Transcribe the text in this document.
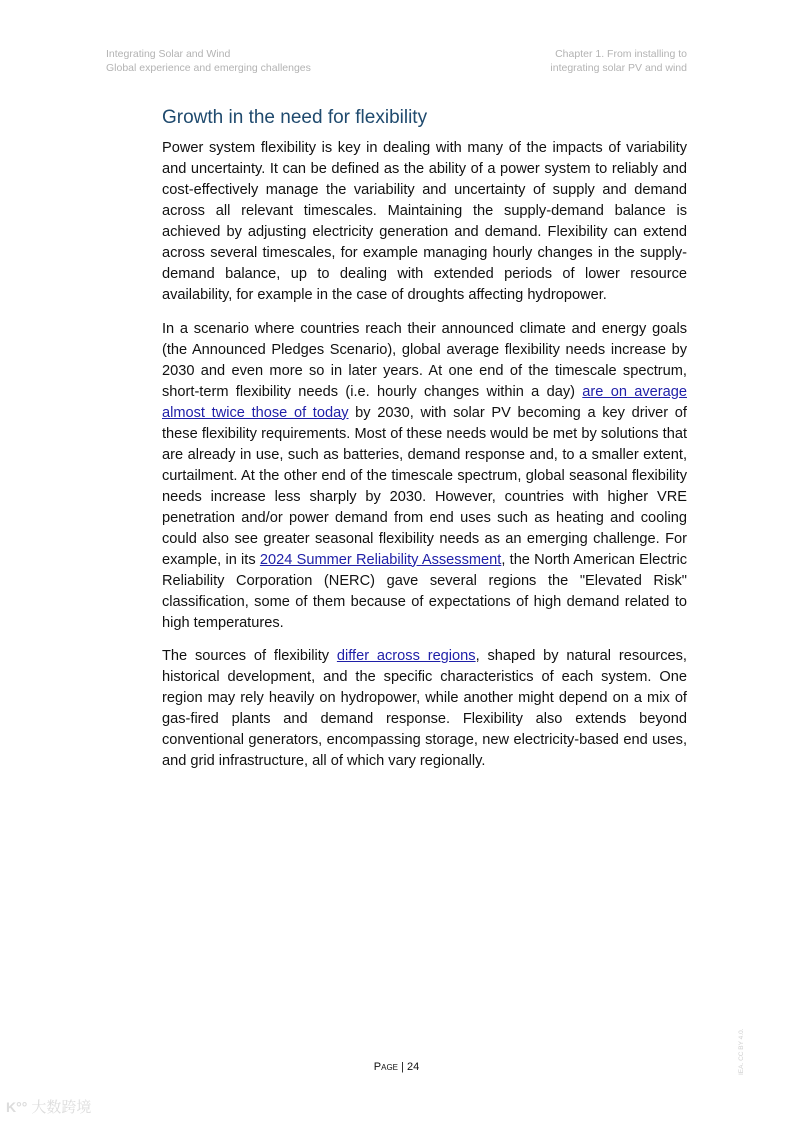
Integrating Solar and Wind
Global experience and emerging challenges
Chapter 1. From installing to
integrating solar PV and wind
Growth in the need for flexibility

Power system flexibility is key in dealing with many of the impacts of variability and uncertainty. It can be defined as the ability of a power system to reliably and cost-effectively manage the variability and uncertainty of supply and demand across all relevant timescales. Maintaining the supply-demand balance is achieved by adjusting electricity generation and demand. Flexibility can extend across several timescales, for example managing hourly changes in the supply-demand balance, up to dealing with extended periods of lower resource availability, for example in the case of droughts affecting hydropower.

In a scenario where countries reach their announced climate and energy goals (the Announced Pledges Scenario), global average flexibility needs increase by 2030 and even more so in later years. At one end of the timescale spectrum, short-term flexibility needs (i.e. hourly changes within a day) are on average almost twice those of today by 2030, with solar PV becoming a key driver of these flexibility requirements. Most of these needs would be met by solutions that are already in use, such as batteries, demand response and, to a smaller extent, curtailment. At the other end of the timescale spectrum, global seasonal flexibility needs increase less sharply by 2030. However, countries with higher VRE penetration and/or power demand from end uses such as heating and cooling could also see greater seasonal flexibility needs as an emerging challenge. For example, in its 2024 Summer Reliability Assessment, the North American Electric Reliability Corporation (NERC) gave several regions the "Elevated Risk" classification, some of them because of expectations of high demand related to high temperatures.

The sources of flexibility differ across regions, shaped by natural resources, historical development, and the specific characteristics of each system. One region may rely heavily on hydropower, while another might depend on a mix of gas-fired plants and demand response. Flexibility also extends beyond conventional generators, encompassing storage, new electricity-based end uses, and grid infrastructure, all of which vary regionally.

Page | 24	IEA. CC BY 4.0.
K°° 大数跨境
